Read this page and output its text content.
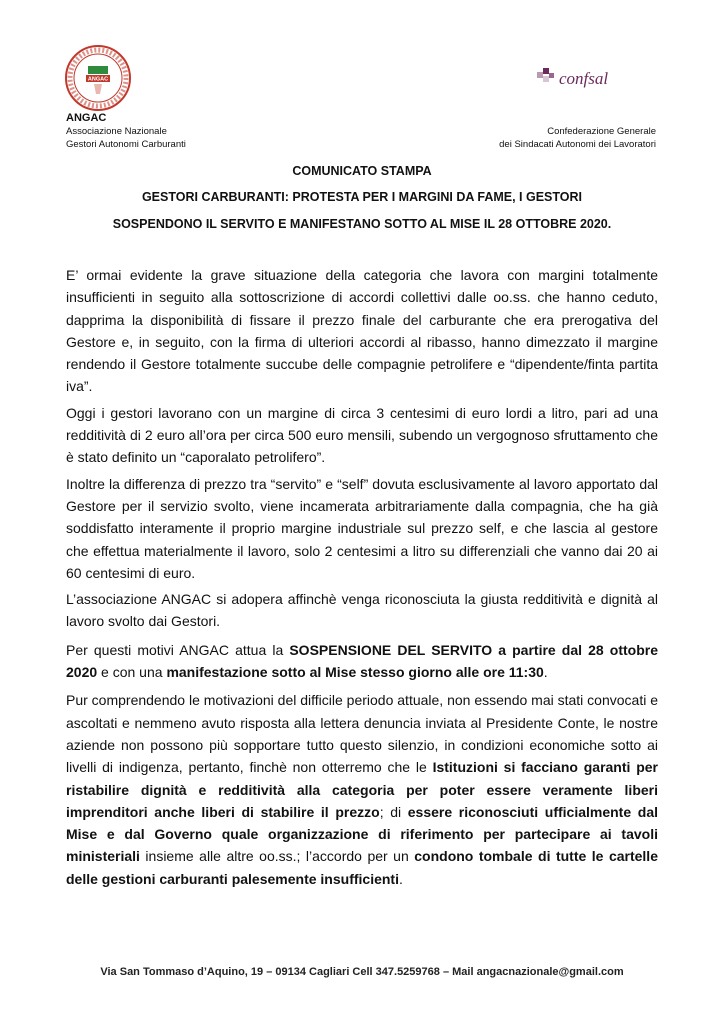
ANGAC	confsal
ANGAC
Associazione Nazionale
Gestori Autonomi Carburanti
Confederazione Generale
dei Sindacati Autonomi dei Lavoratori
COMUNICATO STAMPA
GESTORI CARBURANTI: PROTESTA PER I MARGINI DA FAME, I GESTORI
SOSPENDONO IL SERVITO E MANIFESTANO SOTTO AL MISE IL 28 OTTOBRE 2020.

E’ ormai evidente la grave situazione della categoria che lavora con margini totalmente insufficienti in seguito alla sottoscrizione di accordi collettivi dalle oo.ss. che hanno ceduto, dapprima la disponibilità di fissare il prezzo finale del carburante che era prerogativa del Gestore e, in seguito, con la firma di ulteriori accordi al ribasso, hanno dimezzato il margine rendendo il Gestore totalmente succube delle compagnie petrolifere e “dipendente/finta partita iva”.

Oggi i gestori lavorano con un margine di circa 3 centesimi di euro lordi a litro, pari ad una redditività di 2 euro all’ora per circa 500 euro mensili, subendo un vergognoso sfruttamento che è stato definito un “caporalato petrolifero”.

Inoltre la differenza di prezzo tra “servito” e “self” dovuta esclusivamente al lavoro apportato dal Gestore per il servizio svolto, viene incamerata arbitrariamente dalla compagnia, che ha già soddisfatto interamente il proprio margine industriale sul prezzo self, e che lascia al gestore che effettua materialmente il lavoro, solo 2 centesimi a litro su differenziali che vanno dai 20 ai 60 centesimi di euro.

L’associazione ANGAC si adopera affinchè venga riconosciuta la giusta redditività e dignità al lavoro svolto dai Gestori.

Per questi motivi ANGAC attua la SOSPENSIONE DEL SERVITO a partire dal 28 ottobre 2020 e con una manifestazione sotto al Mise stesso giorno alle ore 11:30.

Pur comprendendo le motivazioni del difficile periodo attuale, non essendo mai stati convocati e ascoltati e nemmeno avuto risposta alla lettera denuncia inviata al Presidente Conte, le nostre aziende non possono più sopportare tutto questo silenzio, in condizioni economiche sotto ai livelli di indigenza, pertanto, finchè non otterremo che le Istituzioni si facciano garanti per ristabilire dignità e redditività alla categoria per poter essere veramente liberi imprenditori anche liberi di stabilire il prezzo; di essere riconosciuti ufficialmente dal Mise e dal Governo quale organizzazione di riferimento per partecipare ai tavoli ministeriali insieme alle altre oo.ss.; l’accordo per un condono tombale di tutte le cartelle delle gestioni carburanti palesemente insufficienti.

Via San Tommaso d’Aquino, 19 – 09134 Cagliari Cell 347.5259768 – Mail angacnazionale@gmail.com
